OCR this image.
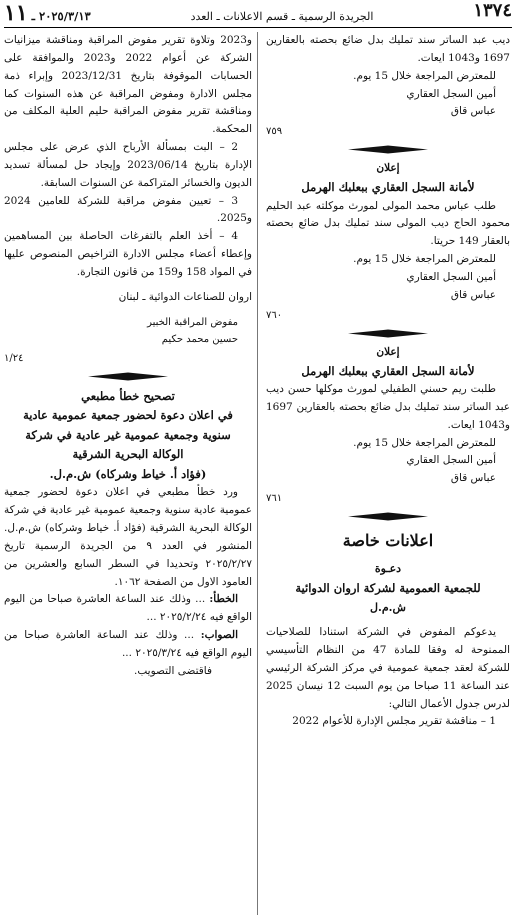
٢٠٢٥/٣/١٣ ـ ١١	الجريدة الرسمية ـ قسم الاعلانات ـ العدد	١٣٧٤

ديب عبد الساتر سند تمليك بدل ضائع بحصته بالعقارين 1697 و1043 ايعات.

للمعترض المراجعة خلال 15 يوم.

أمين السجل العقاري

عباس قاق

٧٥٩

إعلان

لأمانة السجل العقاري ببعلبك الهرمل

طلب عباس محمد المولى لمورث موكلته عبد الحليم محمود الحاج ديب المولى سند تمليك بدل ضائع بحصته بالعقار 149 حريتا.

للمعترض المراجعة خلال 15 يوم.

أمين السجل العقاري

عباس قاق

٧٦٠

إعلان

لأمانة السجل العقاري ببعلبك الهرمل

طلبت ريم حسني الطفيلي لمورث موكلها حسن ديب عبد الساتر سند تمليك بدل ضائع بحصته بالعقارين 1697 و1043 ايعات.

للمعترض المراجعة خلال 15 يوم.

أمين السجل العقاري

عباس قاق

٧٦١

اعلانات خاصة

دعـوة

للجمعية العمومية لشركة اروان الدوائية

ش.م.ل

يدعوكم المفوض في الشركة استنادا للصلاحيات الممنوحة له وفقا للمادة 47 من النظام التأسيسي للشركة لعقد جمعية عمومية في مركز الشركة الرئيسي عند الساعة 11 صباحا من يوم السبت 12 نيسان 2025 لدرس جدول الأعمال التالي:

1 – مناقشة تقرير مجلس الإدارة للأعوام 2022

و2023 وتلاوة تقرير مفوض المراقبة ومناقشة ميزانيات الشركة عن أعوام 2022 و2023 والموافقة على الحسابات الموقوفة بتاريخ 2023/12/31 وإبراء ذمة مجلس الادارة ومفوض المراقبة عن هذه السنوات كما ومناقشة تقرير مفوض المراقبة حليم العلية المكلف من المحكمة.

2 – البت بمسألة الأرباح الذي عرض على مجلس الإدارة بتاريخ 2023/06/14 وإيجاد حل لمسألة تسديد الديون والخسائر المتراكمة عن السنوات السابقة.

3 – تعيين مفوض مراقبة للشركة للعامين 2024 و2025.

4 – أخذ العلم بالتفرغات الحاصلة بين المساهمين وإعطاء أعضاء مجلس الادارة التراخيص المنصوص عليها في المواد 158 و159 من قانون التجارة.

اروان للصناعات الدوائية ـ لبنان

مفوض المراقبة الخبير

حسين محمد حكيم

١/٢٤

تصحيح خطأ مطبعي

في اعلان دعوة لحضور جمعية عمومية عادية

سنوية وجمعية عمومية غير عادية في شركة

الوكالة البحرية الشرقية

(فؤاد أ. خياط وشركاه) ش.م.ل.

ورد خطأ مطبعي في اعلان دعوة لحضور جمعية عمومية عادية سنوية وجمعية عمومية غير عادية في شركة الوكالة البحرية الشرقية (فؤاد أ. خياط وشركاه) ش.م.ل. المنشور في العدد ٩ من الجريدة الرسمية تاريخ ٢٠٢٥/٢/٢٧ وتحديدا في السطر السابع والعشرين من العامود الاول من الصفحة ١٠٦٢.

الخطأ: ... وذلك عند الساعة العاشرة صباحا من اليوم الواقع فيه ٢٠٢٥/٢/٢٤ ...

الصواب: ... وذلك عند الساعة العاشرة صباحا من اليوم الواقع فيه ٢٠٢٥/٣/٢٤ ...

فاقتضى التصويب.
